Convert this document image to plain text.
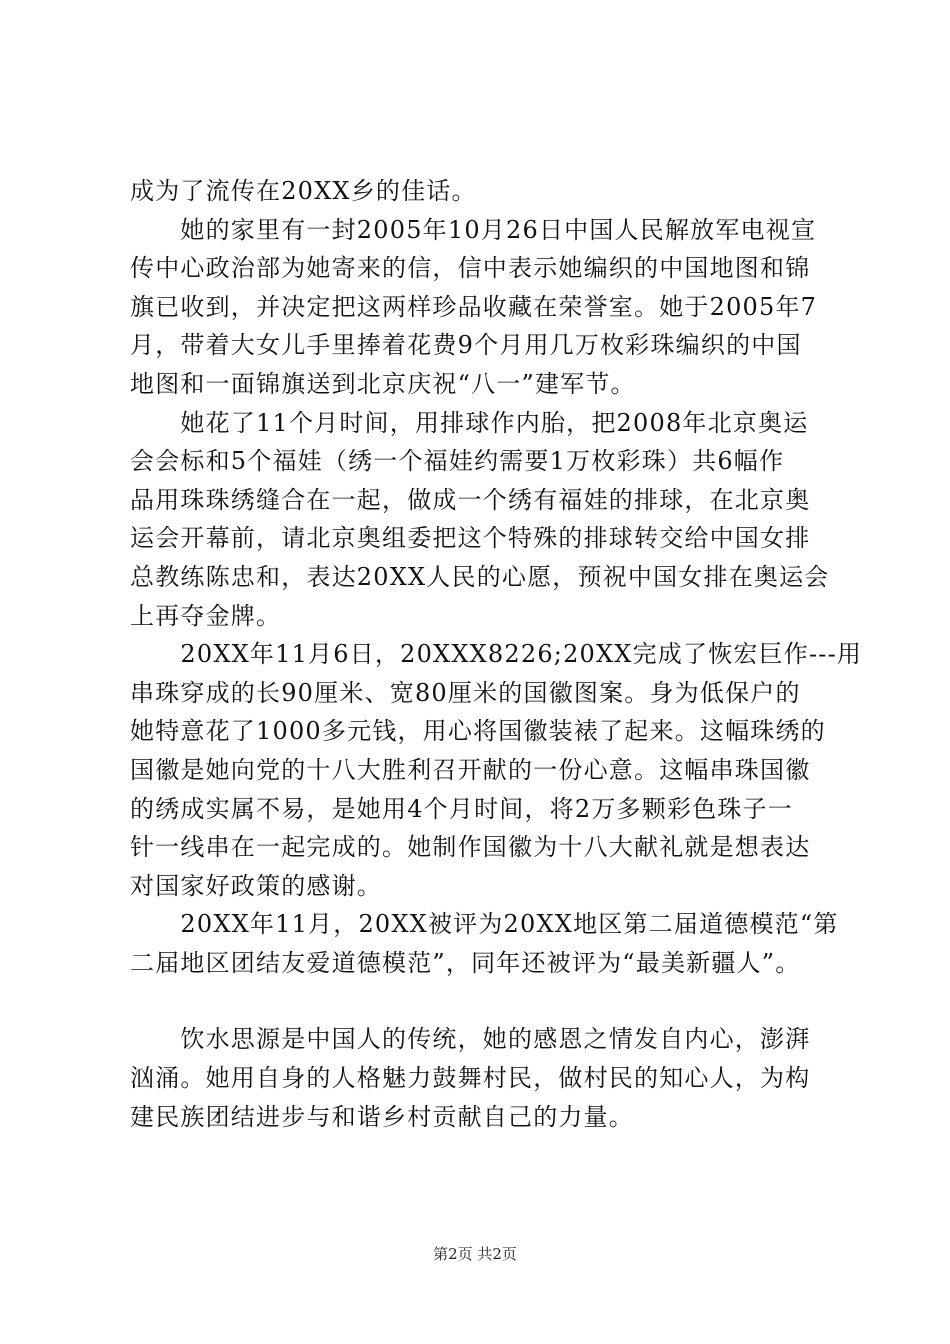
成为了流传在20XX乡的佳话。
　　她的家里有一封2005年10月26日中国人民解放军电视宣
传中心政治部为她寄来的信，信中表示她编织的中国地图和锦
旗已收到，并决定把这两样珍品收藏在荣誉室。她于2005年7
月，带着大女儿手里捧着花费9个月用几万枚彩珠编织的中国
地图和一面锦旗送到北京庆祝“八一”建军节。
　　她花了11个月时间，用排球作内胎，把2008年北京奥运
会会标和5个福娃（绣一个福娃约需要1万枚彩珠）共6幅作
品用珠珠绣缝合在一起，做成一个绣有福娃的排球，在北京奥
运会开幕前，请北京奥组委把这个特殊的排球转交给中国女排
总教练陈忠和，表达20XX人民的心愿，预祝中国女排在奥运会
上再夺金牌。
　　20XX年11月6日，20XXX8226;20XX完成了恢宏巨作---用
串珠穿成的长90厘米、宽80厘米的国徽图案。身为低保户的
她特意花了1000多元钱，用心将国徽装裱了起来。这幅珠绣的
国徽是她向党的十八大胜利召开献的一份心意。这幅串珠国徽
的绣成实属不易，是她用4个月时间，将2万多颗彩色珠子一
针一线串在一起完成的。她制作国徽为十八大献礼就是想表达
对国家好政策的感谢。
　　20XX年11月，20XX被评为20XX地区第二届道德模范“第
二届地区团结友爱道德模范”，同年还被评为“最美新疆人”。
　　饮水思源是中国人的传统，她的感恩之情发自内心，澎湃
汹涌。她用自身的人格魅力鼓舞村民，做村民的知心人，为构
建民族团结进步与和谐乡村贡献自己的力量。
第2页 共2页
